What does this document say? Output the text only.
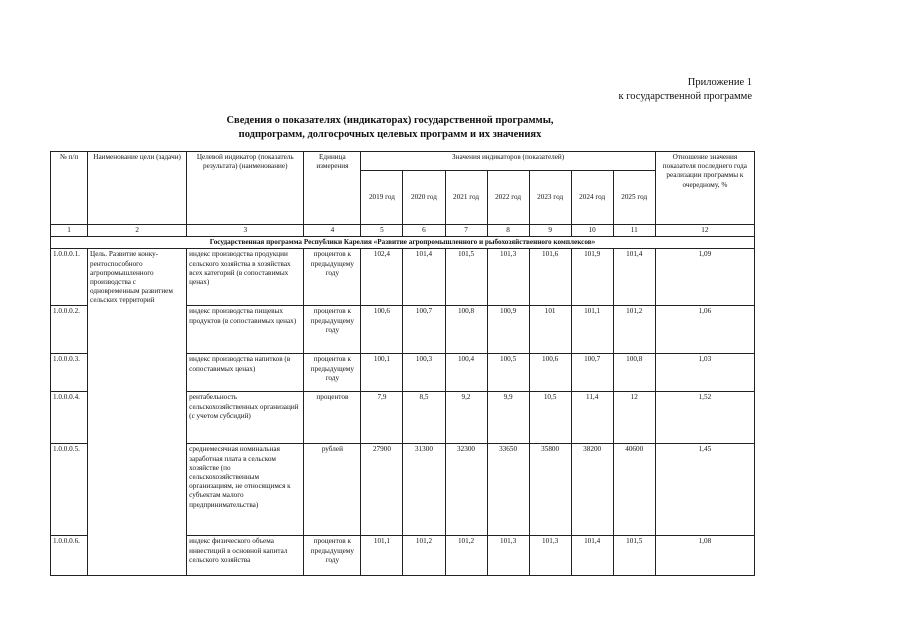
Приложение 1
к государственной программе
Сведения о показателях (индикаторах) государственной программы,
подпрограмм, долгосрочных целевых программ и их значениях
№ п/п	Наименование цели (задачи)	Целевой индикатор (показатель результата) (наименование)	Единица измерения	Значения индикаторов (показателей)							Отношение значения показателя последнего года реализации программы к очередному, %
				2019 год	2020 год	2021 год	2022 год	2023 год	2024 год	2025 год	
1	2	3	4	5	6	7	8	9	10	11	12
Государственная программа Республики Карелия «Развитие агропромышленного и рыбохозяйственного комплексов»											
1.0.0.0.1.	Цель. Развитие конку-рентоспособного агропромышленного производства с одновременным развитием сельских территорий	индекс производства продукции сельского хозяйства в хозяйствах всех категорий (в сопоставимых ценах)	процентов к предыдущему году	102,4	101,4	101,5	101,3	101,6	101,9	101,4	1,09
1.0.0.0.2.		индекс производства пищевых продуктов (в сопоставимых ценах)	процентов к предыдущему году	100,6	100,7	100,8	100,9	101	101,1	101,2	1,06
1.0.0.0.3.		индекс производства напитков (в сопоставимых ценах)	процентов к предыдущему году	100,1	100,3	100,4	100,5	100,6	100,7	100,8	1,03
1.0.0.0.4.		рентабельность сельскохозяйственных организаций (с учетом субсидий)	процентов	7,9	8,5	9,2	9,9	10,5	11,4	12	1,52
1.0.0.0.5.		среднемесячная номинальная заработная плата в сельском хозяйстве (по сельскохозяйственным организациям, не относящимся к субъектам малого предпринимательства)	рублей	27900	31300	32300	33650	35800	38200	40600	1,45
1.0.0.0.6.		индекс физического объема инвестиций в основной капитал сельского хозяйства	процентов к предыдущему году	101,1	101,2	101,2	101,3	101,3	101,4	101,5	1,08
